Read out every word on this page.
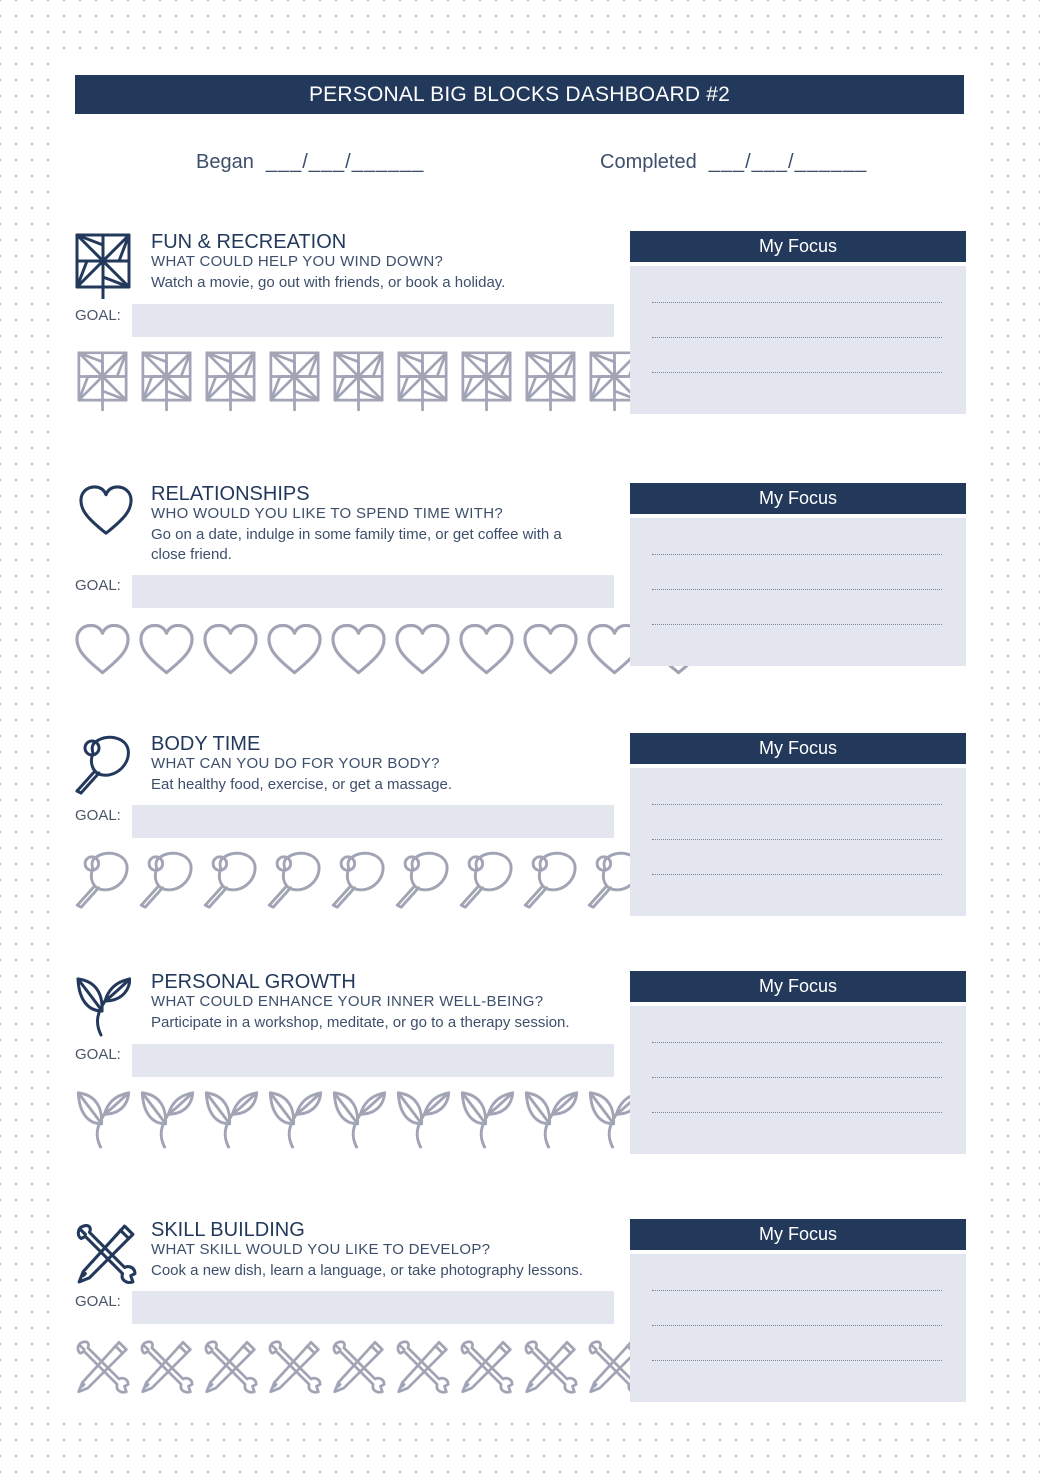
PERSONAL BIG BLOCKS DASHBOARD #2
Began ___/___/______	Completed ___/___/______
FUN & RECREATION
WHAT COULD HELP YOU WIND DOWN?
Watch a movie, go out with friends, or book a holiday.
GOAL:
My Focus
RELATIONSHIPS
WHO WOULD YOU LIKE TO SPEND TIME WITH?
Go on a date, indulge in some family time, or get coffee with a close friend.
GOAL:
My Focus
BODY TIME
WHAT CAN YOU DO FOR YOUR BODY?
Eat healthy food, exercise, or get a massage.
GOAL:
My Focus
PERSONAL GROWTH
WHAT COULD ENHANCE YOUR INNER WELL-BEING?
Participate in a workshop, meditate, or go to a therapy session.
GOAL:
My Focus
SKILL BUILDING
WHAT SKILL WOULD YOU LIKE TO DEVELOP?
Cook a new dish, learn a language, or take photography lessons.
GOAL:
My Focus
